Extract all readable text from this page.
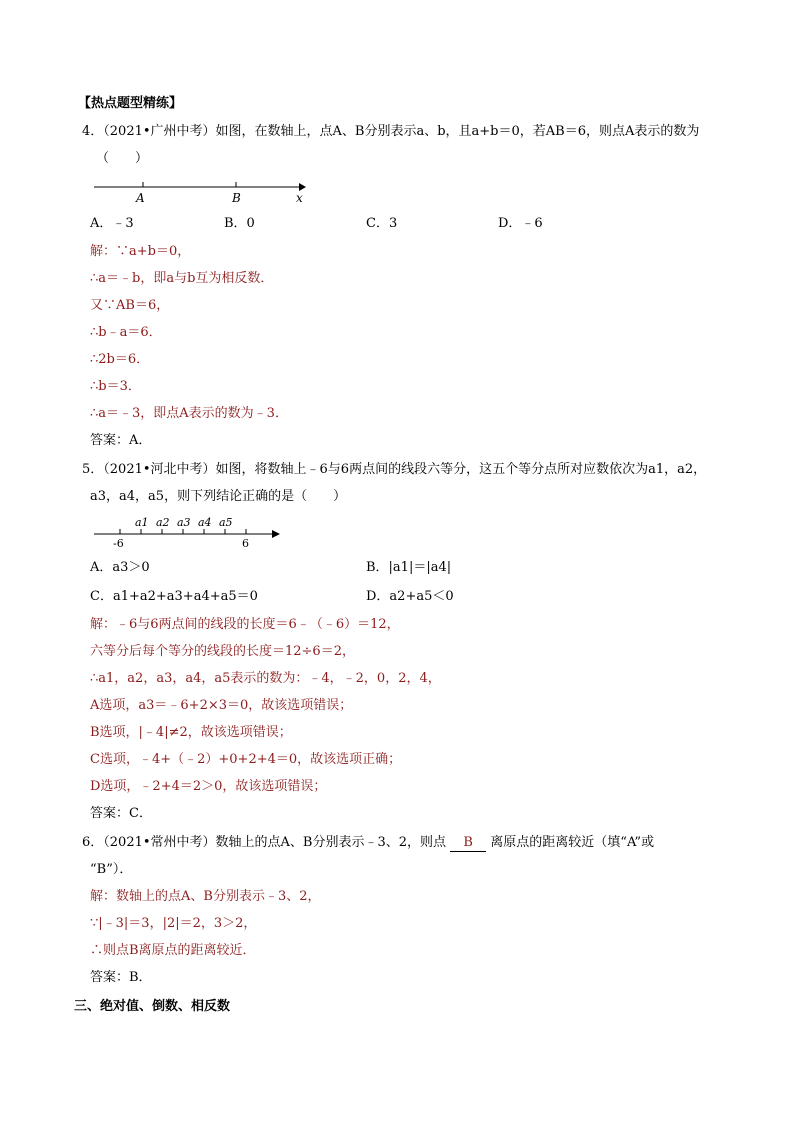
【热点题型精练】
4．（2021•广州中考）如图，在数轴上，点A、B分别表示a、b，且a+b＝0，若AB＝6，则点A表示的数为
（　　）
A	B	x
A．﹣3	B．0	C．3	D．﹣6
解：∵a+b＝0，
∴a＝﹣b，即a与b互为相反数．
又∵AB＝6，
∴b﹣a＝6．
∴2b＝6．
∴b＝3．
∴a＝﹣3，即点A表示的数为﹣3．
答案：A．
5．（2021•河北中考）如图，将数轴上﹣6与6两点间的线段六等分，这五个等分点所对应数依次为a1，a2，
a3，a4，a5，则下列结论正确的是（　　）
a1 a2 a3 a4 a5
-6	6
A．a3＞0	B．|a1|＝|a4|
C．a1+a2+a3+a4+a5＝0	D．a2+a5＜0
解：﹣6与6两点间的线段的长度＝6﹣（﹣6）＝12，
六等分后每个等分的线段的长度＝12÷6＝2，
∴a1，a2，a3，a4，a5表示的数为：﹣4，﹣2，0，2，4，
A选项，a3＝﹣6+2×3＝0，故该选项错误；
B选项，|﹣4|≠2，故该选项错误；
C选项，﹣4+（﹣2）+0+2+4＝0，故该选项正确；
D选项，﹣2+4＝2＞0，故该选项错误；
答案：C．
6．（2021•常州中考）数轴上的点A、B分别表示﹣3、2，则点 B 离原点的距离较近（填“A”或
“B”）．
解：数轴上的点A、B分别表示﹣3、2，
∵|﹣3|＝3，|2|＝2，3＞2，
∴则点B离原点的距离较近．
答案：B．
三、绝对值、倒数、相反数
